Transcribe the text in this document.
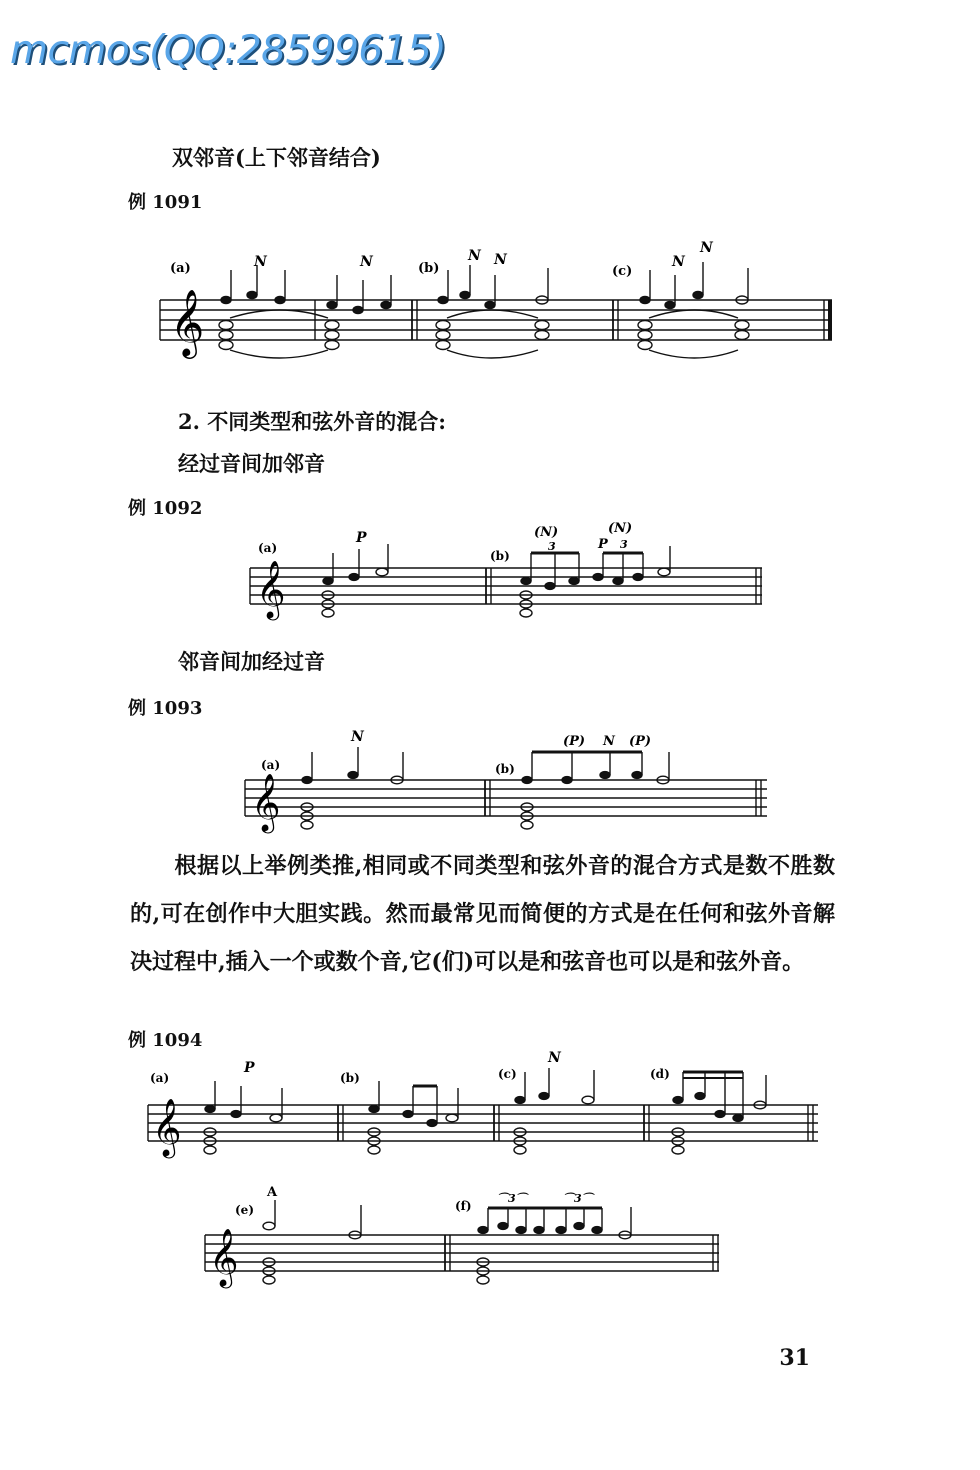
mcmos(QQ:28599615)
双邻音(上下邻音结合)
例 1091
𝄞
(a)	(b)	(c)
N	N	N N	N
N
2. 不同类型和弦外音的混合:
经过音间加邻音
例 1092
𝄞
(a)
(b)
P	(N)
3
(N)
P 3
邻音间加经过音
例 1093
𝄞
(a)	(b)
N	(P) N (P)
根据以上举例类推,相同或不同类型和弦外音的混合方式是数不胜数的,可在创作中大胆实践。然而最常见而简便的方式是在任何和弦外音解决过程中,插入一个或数个音,它(们)可以是和弦音也可以是和弦外音。
例 1094
𝄞
(a)	(b)	(c)	(d)
P
N
𝄞
(e)	(f)
A	⌒3⌒	⌒3⌒
31
